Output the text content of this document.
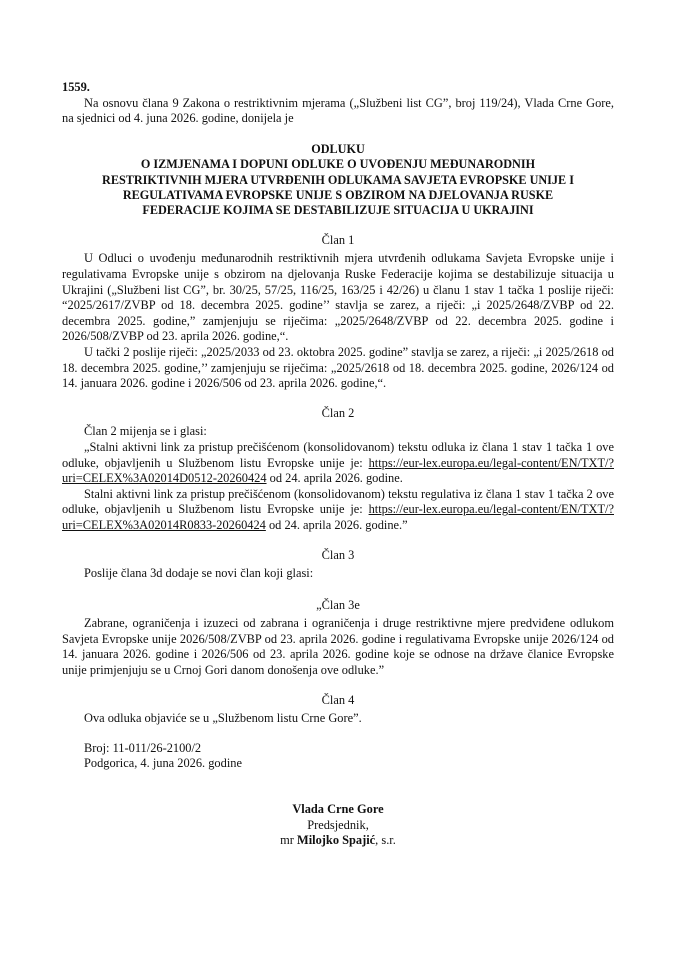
1559.

Na osnovu člana 9 Zakona o restriktivnim mjerama („Službeni list CG”, broj 119/24), Vlada Crne Gore, na sjednici od 4. juna 2026. godine, donijela je

ODLUKU
O IZMJENAMA I DOPUNI ODLUKE O UVOĐENJU MEĐUNARODNIH
RESTRIKTIVNIH MJERA UTVRĐENIH ODLUKAMA SAVJETA EVROPSKE UNIJE I
REGULATIVAMA EVROPSKE UNIJE S OBZIROM NA DJELOVANJA RUSKE
FEDERACIJE KOJIMA SE DESTABILIZUJE SITUACIJA U UKRAJINI

Član 1

U Odluci o uvođenju međunarodnih restriktivnih mjera utvrđenih odlukama Savjeta Evropske unije i regulativama Evropske unije s obzirom na djelovanja Ruske Federacije kojima se destabilizuje situacija u Ukrajini („Službeni list CG”, br. 30/25, 57/25, 116/25, 163/25 i 42/26) u članu 1 stav 1 tačka 1 poslije riječi: “2025/2617/ZVBP od 18. decembra 2025. godine’’ stavlja se zarez, a riječi: „i 2025/2648/ZVBP od 22. decembra 2025. godine,” zamjenjuju se riječima: „2025/2648/ZVBP od 22. decembra 2025. godine i 2026/508/ZVBP od 23. aprila 2026. godine,“.

U tački 2 poslije riječi: „2025/2033 od 23. oktobra 2025. godine” stavlja se zarez, a riječi: „i 2025/2618 od 18. decembra 2025. godine,’’ zamjenjuju se riječima: „2025/2618 od 18. decembra 2025. godine, 2026/124 od 14. januara 2026. godine i 2026/506 od 23. aprila 2026. godine,“.

Član 2

Član 2 mijenja se i glasi:

„Stalni aktivni link za pristup prečišćenom (konsolidovanom) tekstu odluka iz člana 1 stav 1 tačka 1 ove odluke, objavljenih u Službenom listu Evropske unije je: https://eur-lex.europa.eu/legal-content/EN/TXT/?uri=CELEX%3A02014D0512-20260424 od 24. aprila 2026. godine.

Stalni aktivni link za pristup prečišćenom (konsolidovanom) tekstu regulativa iz člana 1 stav 1 tačka 2 ove odluke, objavljenih u Službenom listu Evropske unije je: https://eur-lex.europa.eu/legal-content/EN/TXT/?uri=CELEX%3A02014R0833-20260424 od 24. aprila 2026. godine.”

Član 3

Poslije člana 3d dodaje se novi član koji glasi:

„Član 3e

Zabrane, ograničenja i izuzeci od zabrana i ograničenja i druge restriktivne mjere predviđene odlukom Savjeta Evropske unije 2026/508/ZVBP od 23. aprila 2026. godine i regulativama Evropske unije 2026/124 od 14. januara 2026. godine i 2026/506 od 23. aprila 2026. godine koje se odnose na države članice Evropske unije primjenjuju se u Crnoj Gori danom donošenja ove odluke.”

Član 4

Ova odluka objaviće se u „Službenom listu Crne Gore”.

Broj: 11-011/26-2100/2

Podgorica, 4. juna 2026. godine

Vlada Crne Gore
Predsjednik,
mr Milojko Spajić, s.r.
